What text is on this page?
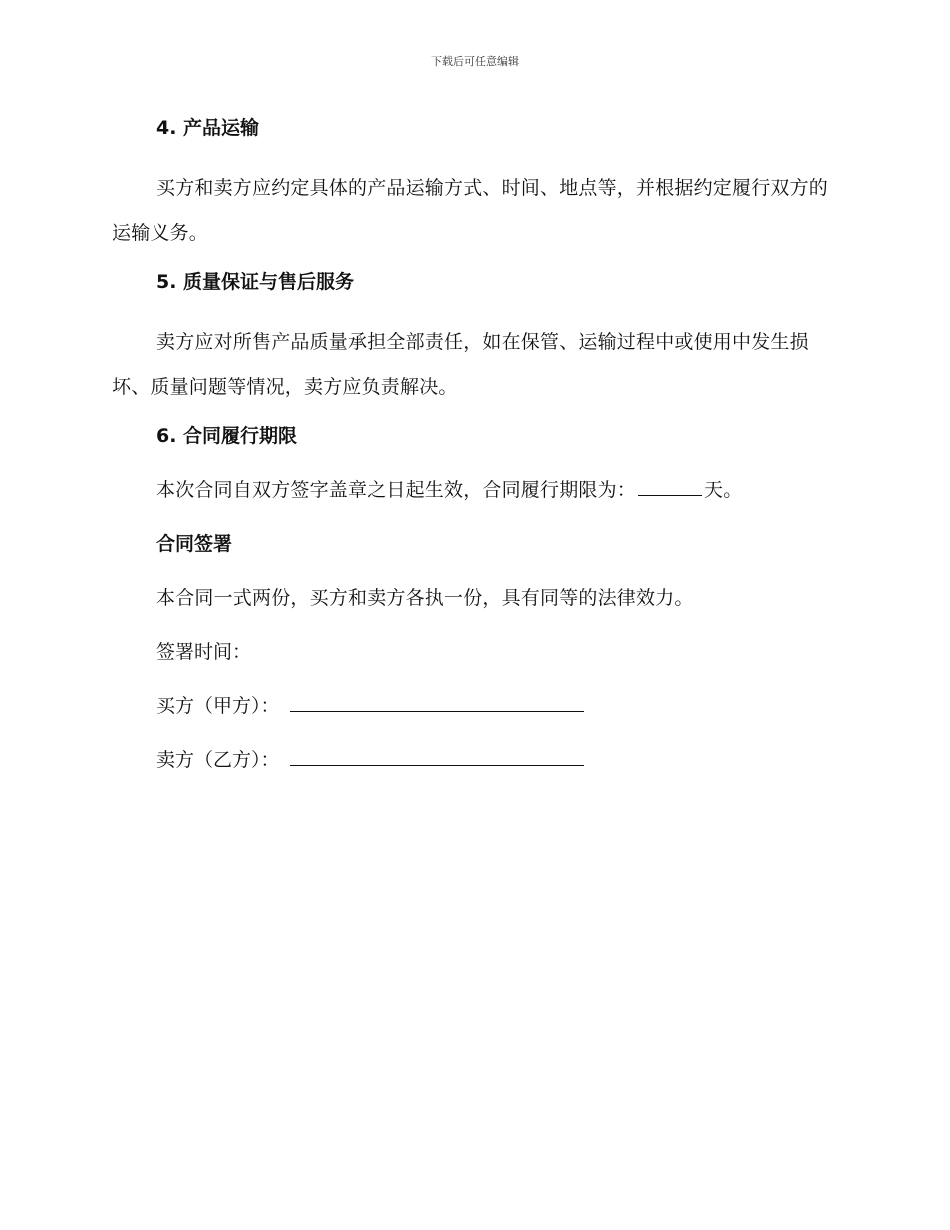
下载后可任意编辑
4. 产品运输
买方和卖方应约定具体的产品运输方式、时间、地点等，并根据约定履行双方的运输义务。
5. 质量保证与售后服务
卖方应对所售产品质量承担全部责任，如在保管、运输过程中或使用中发生损坏、质量问题等情况，卖方应负责解决。
6. 合同履行期限
本次合同自双方签字盖章之日起生效，合同履行期限为：	天。
合同签署
本合同一式两份，买方和卖方各执一份，具有同等的法律效力。
签署时间：
买方（甲方）：
卖方（乙方）：
